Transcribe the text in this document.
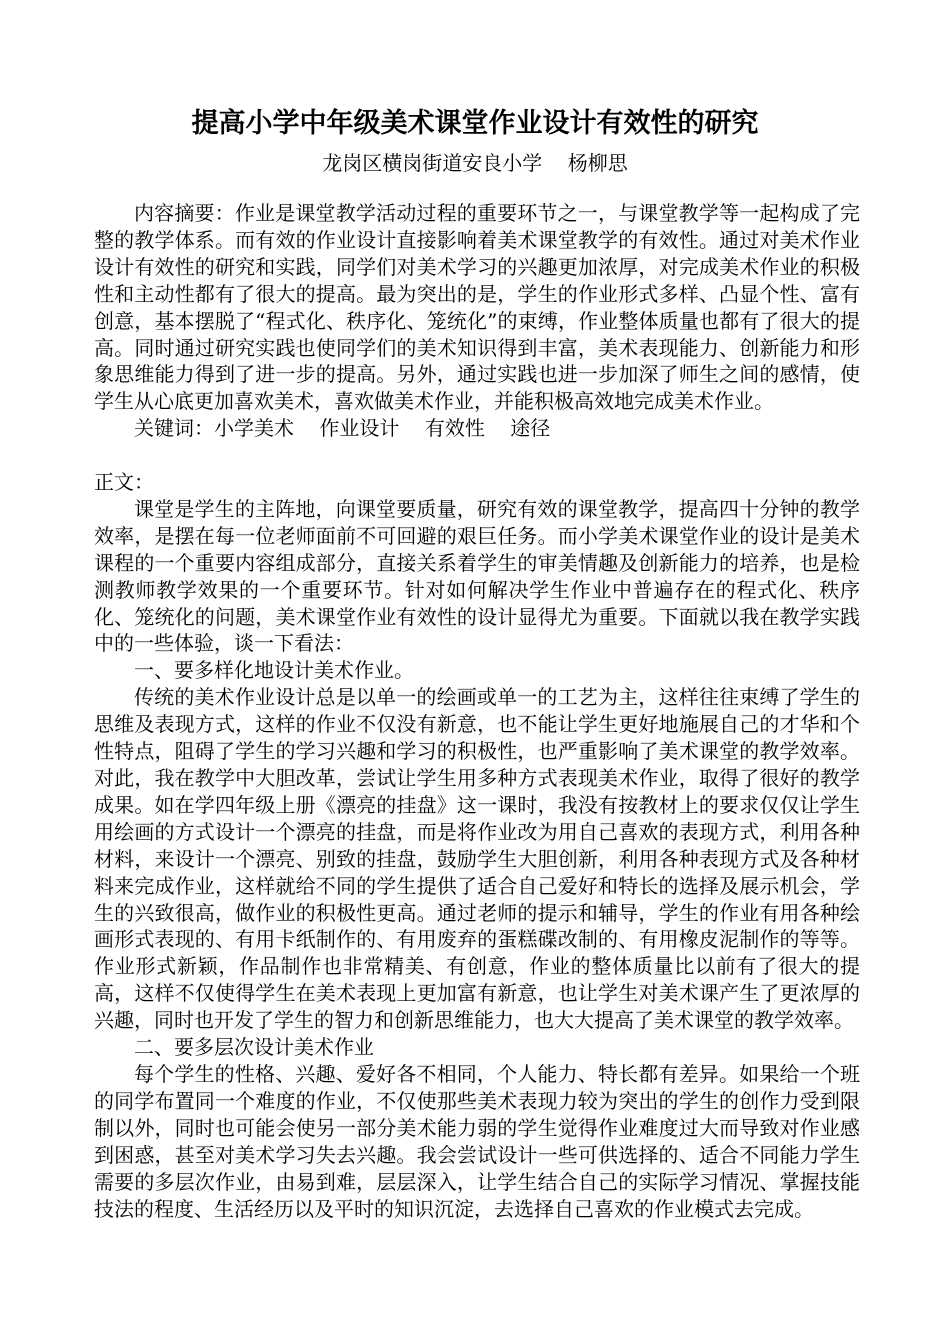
提高小学中年级美术课堂作业设计有效性的研究
龙岗区横岗街道安良小学    杨柳思

内容摘要：作业是课堂教学活动过程的重要环节之一，与课堂教学等一起构成了完整的教学体系。而有效的作业设计直接影响着美术课堂教学的有效性。通过对美术作业设计有效性的研究和实践，同学们对美术学习的兴趣更加浓厚，对完成美术作业的积极性和主动性都有了很大的提高。最为突出的是，学生的作业形式多样、凸显个性、富有创意，基本摆脱了“程式化、秩序化、笼统化”的束缚，作业整体质量也都有了很大的提高。同时通过研究实践也使同学们的美术知识得到丰富，美术表现能力、创新能力和形象思维能力得到了进一步的提高。另外，通过实践也进一步加深了师生之间的感情，使学生从心底更加喜欢美术，喜欢做美术作业，并能积极高效地完成美术作业。

关键词：小学美术    作业设计    有效性    途径

正文：

课堂是学生的主阵地，向课堂要质量，研究有效的课堂教学，提高四十分钟的教学效率，是摆在每一位老师面前不可回避的艰巨任务。而小学美术课堂作业的设计是美术课程的一个重要内容组成部分，直接关系着学生的审美情趣及创新能力的培养，也是检测教师教学效果的一个重要环节。针对如何解决学生作业中普遍存在的程式化、秩序化、笼统化的问题，美术课堂作业有效性的设计显得尤为重要。下面就以我在教学实践中的一些体验，谈一下看法：

一、要多样化地设计美术作业。

传统的美术作业设计总是以单一的绘画或单一的工艺为主，这样往往束缚了学生的思维及表现方式，这样的作业不仅没有新意，也不能让学生更好地施展自己的才华和个性特点，阻碍了学生的学习兴趣和学习的积极性，也严重影响了美术课堂的教学效率。对此，我在教学中大胆改革，尝试让学生用多种方式表现美术作业，取得了很好的教学成果。如在学四年级上册《漂亮的挂盘》这一课时，我没有按教材上的要求仅仅让学生用绘画的方式设计一个漂亮的挂盘，而是将作业改为用自己喜欢的表现方式，利用各种材料，来设计一个漂亮、别致的挂盘，鼓励学生大胆创新，利用各种表现方式及各种材料来完成作业，这样就给不同的学生提供了适合自己爱好和特长的选择及展示机会，学生的兴致很高，做作业的积极性更高。通过老师的提示和辅导，学生的作业有用各种绘画形式表现的、有用卡纸制作的、有用废弃的蛋糕碟改制的、有用橡皮泥制作的等等。作业形式新颖，作品制作也非常精美、有创意，作业的整体质量比以前有了很大的提高，这样不仅使得学生在美术表现上更加富有新意，也让学生对美术课产生了更浓厚的兴趣，同时也开发了学生的智力和创新思维能力，也大大提高了美术课堂的教学效率。

二、要多层次设计美术作业

每个学生的性格、兴趣、爱好各不相同，个人能力、特长都有差异。如果给一个班的同学布置同一个难度的作业，不仅使那些美术表现力较为突出的学生的创作力受到限制以外，同时也可能会使另一部分美术能力弱的学生觉得作业难度过大而导致对作业感到困惑，甚至对美术学习失去兴趣。我会尝试设计一些可供选择的、适合不同能力学生需要的多层次作业，由易到难，层层深入，让学生结合自己的实际学习情况、掌握技能技法的程度、生活经历以及平时的知识沉淀，去选择自己喜欢的作业模式去完成。
